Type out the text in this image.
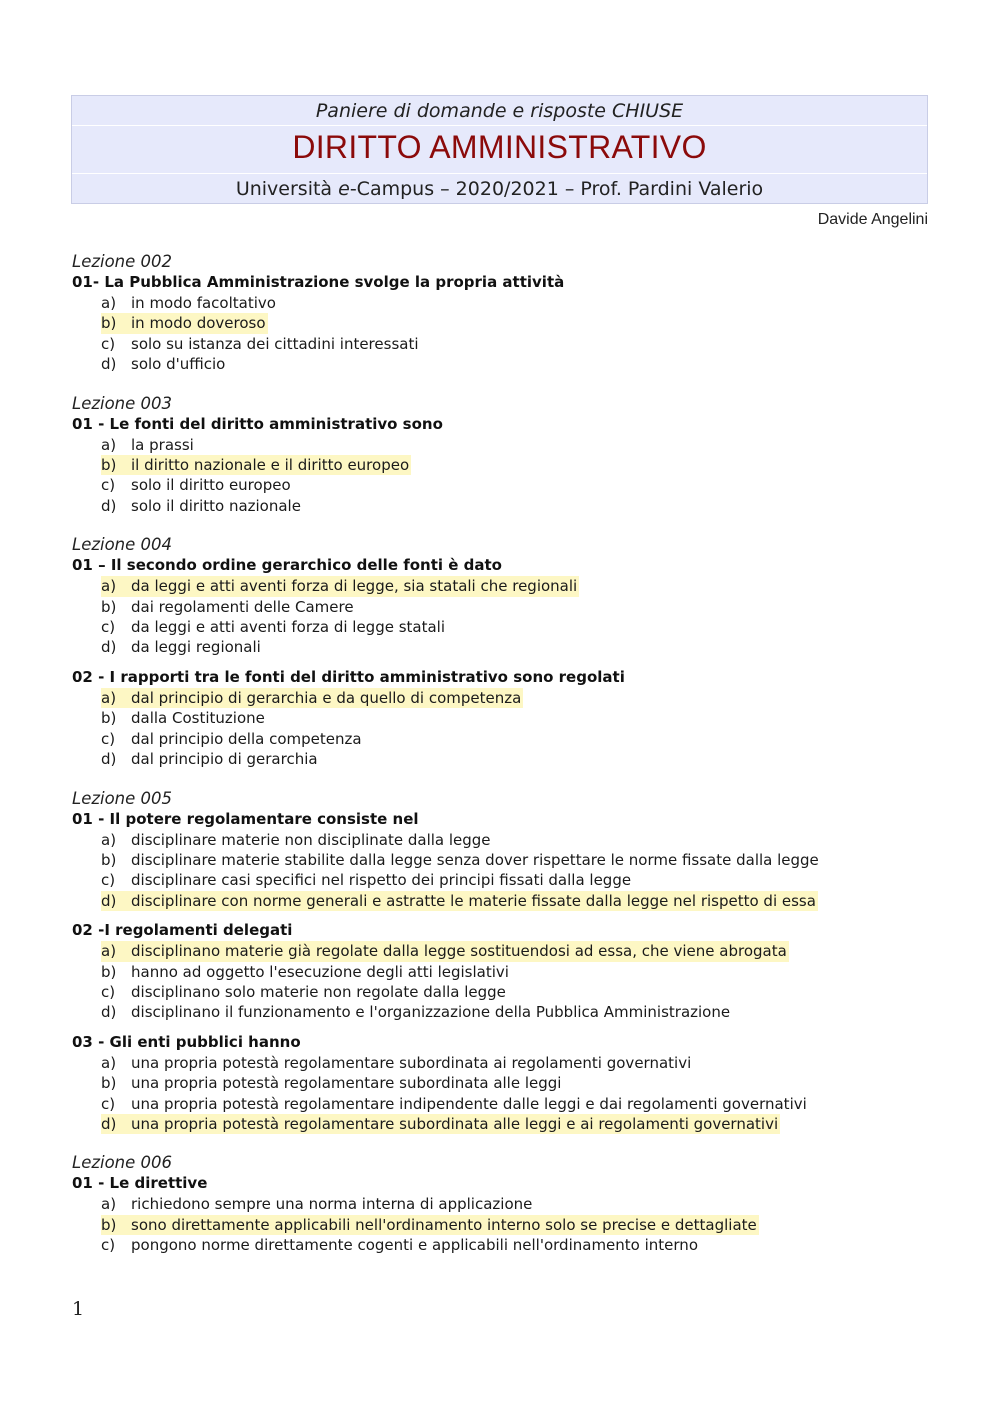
Paniere di domande e risposte CHIUSE
DIRITTO AMMINISTRATIVO
Università e-Campus – 2020/2021 – Prof. Pardini Valerio
Davide Angelini
Lezione 002
01- La Pubblica Amministrazione svolge la propria attività
a) in modo facoltativo
b) in modo doveroso
c) solo su istanza dei cittadini interessati
d) solo d'ufficio
Lezione 003
01 - Le fonti del diritto amministrativo sono
a) la prassi
b) il diritto nazionale e il diritto europeo
c) solo il diritto europeo
d) solo il diritto nazionale
Lezione 004
01 – Il secondo ordine gerarchico delle fonti è dato
a) da leggi e atti aventi forza di legge, sia statali che regionali
b) dai regolamenti delle Camere
c) da leggi e atti aventi forza di legge statali
d) da leggi regionali
02 - I rapporti tra le fonti del diritto amministrativo sono regolati
a) dal principio di gerarchia e da quello di competenza
b) dalla Costituzione
c) dal principio della competenza
d) dal principio di gerarchia
Lezione 005
01 - Il potere regolamentare consiste nel
a) disciplinare materie non disciplinate dalla legge
b) disciplinare materie stabilite dalla legge senza dover rispettare le norme fissate dalla legge
c) disciplinare casi specifici nel rispetto dei principi fissati dalla legge
d) disciplinare con norme generali e astratte le materie fissate dalla legge nel rispetto di essa
02 -I regolamenti delegati
a) disciplinano materie già regolate dalla legge sostituendosi ad essa, che viene abrogata
b) hanno ad oggetto l'esecuzione degli atti legislativi
c) disciplinano solo materie non regolate dalla legge
d) disciplinano il funzionamento e l'organizzazione della Pubblica Amministrazione
03 - Gli enti pubblici hanno
a) una propria potestà regolamentare subordinata ai regolamenti governativi
b) una propria potestà regolamentare subordinata alle leggi
c) una propria potestà regolamentare indipendente dalle leggi e dai regolamenti governativi
d) una propria potestà regolamentare subordinata alle leggi e ai regolamenti governativi
Lezione 006
01 - Le direttive
a) richiedono sempre una norma interna di applicazione
b) sono direttamente applicabili nell'ordinamento interno solo se precise e dettagliate
c) pongono norme direttamente cogenti e applicabili nell'ordinamento interno
1
